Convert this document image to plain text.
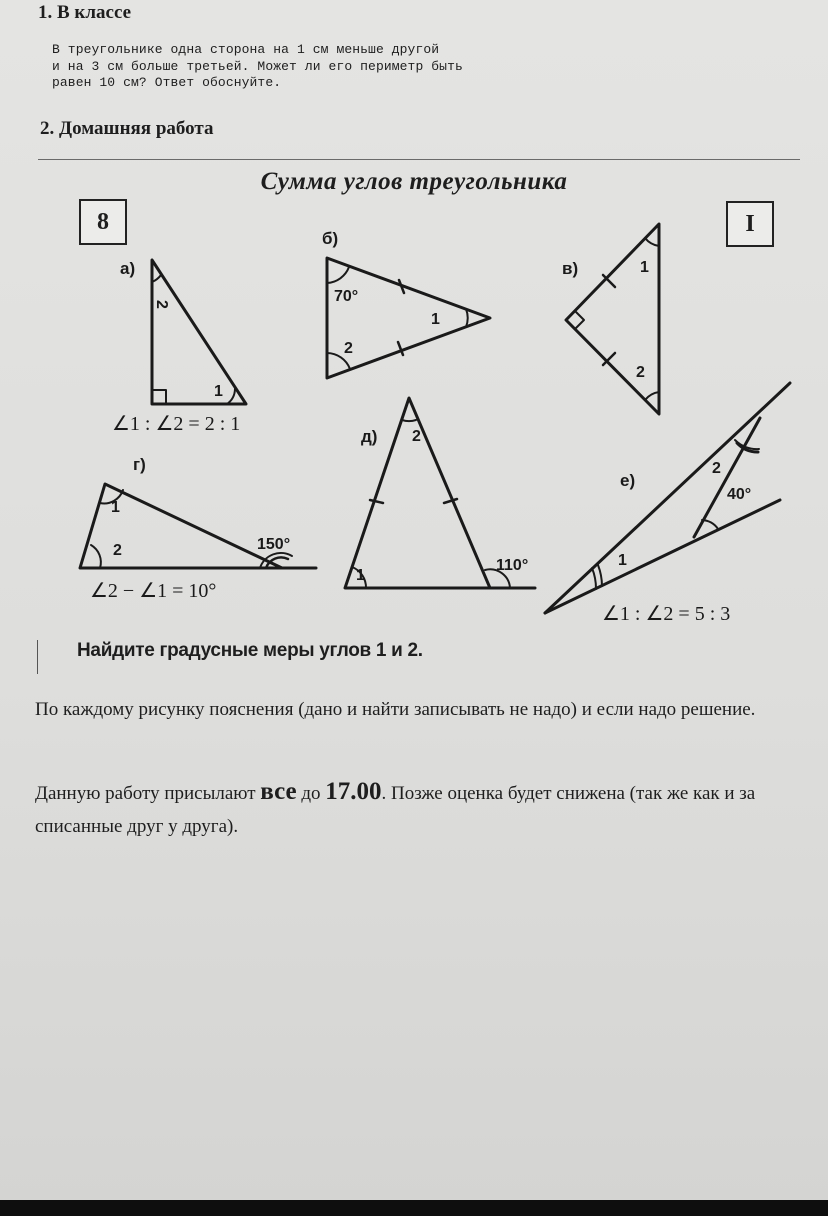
1. В классе
В треугольнике одна сторона на 1 см меньше другой
и на 3 см больше третьей. Может ли его периметр быть
равен 10 см? Ответ обоснуйте.
2. Домашняя работа
Сумма углов треугольника
8	I
а)
2
1
∠1 : ∠2 = 2 : 1
б)
70°
1
2
в)	1
2
г)
1
2	150°
∠2 − ∠1 = 10°
д) 2
1
110°
е)
2
40°
1
∠1 : ∠2 = 5 : 3
Найдите градусные меры углов 1 и 2.
По каждому рисунку пояснения (дано и найти записывать не надо) и если надо решение.
Данную работу присылают все до 17.00. Позже оценка будет снижена (так же как и за списанные друг у друга).
